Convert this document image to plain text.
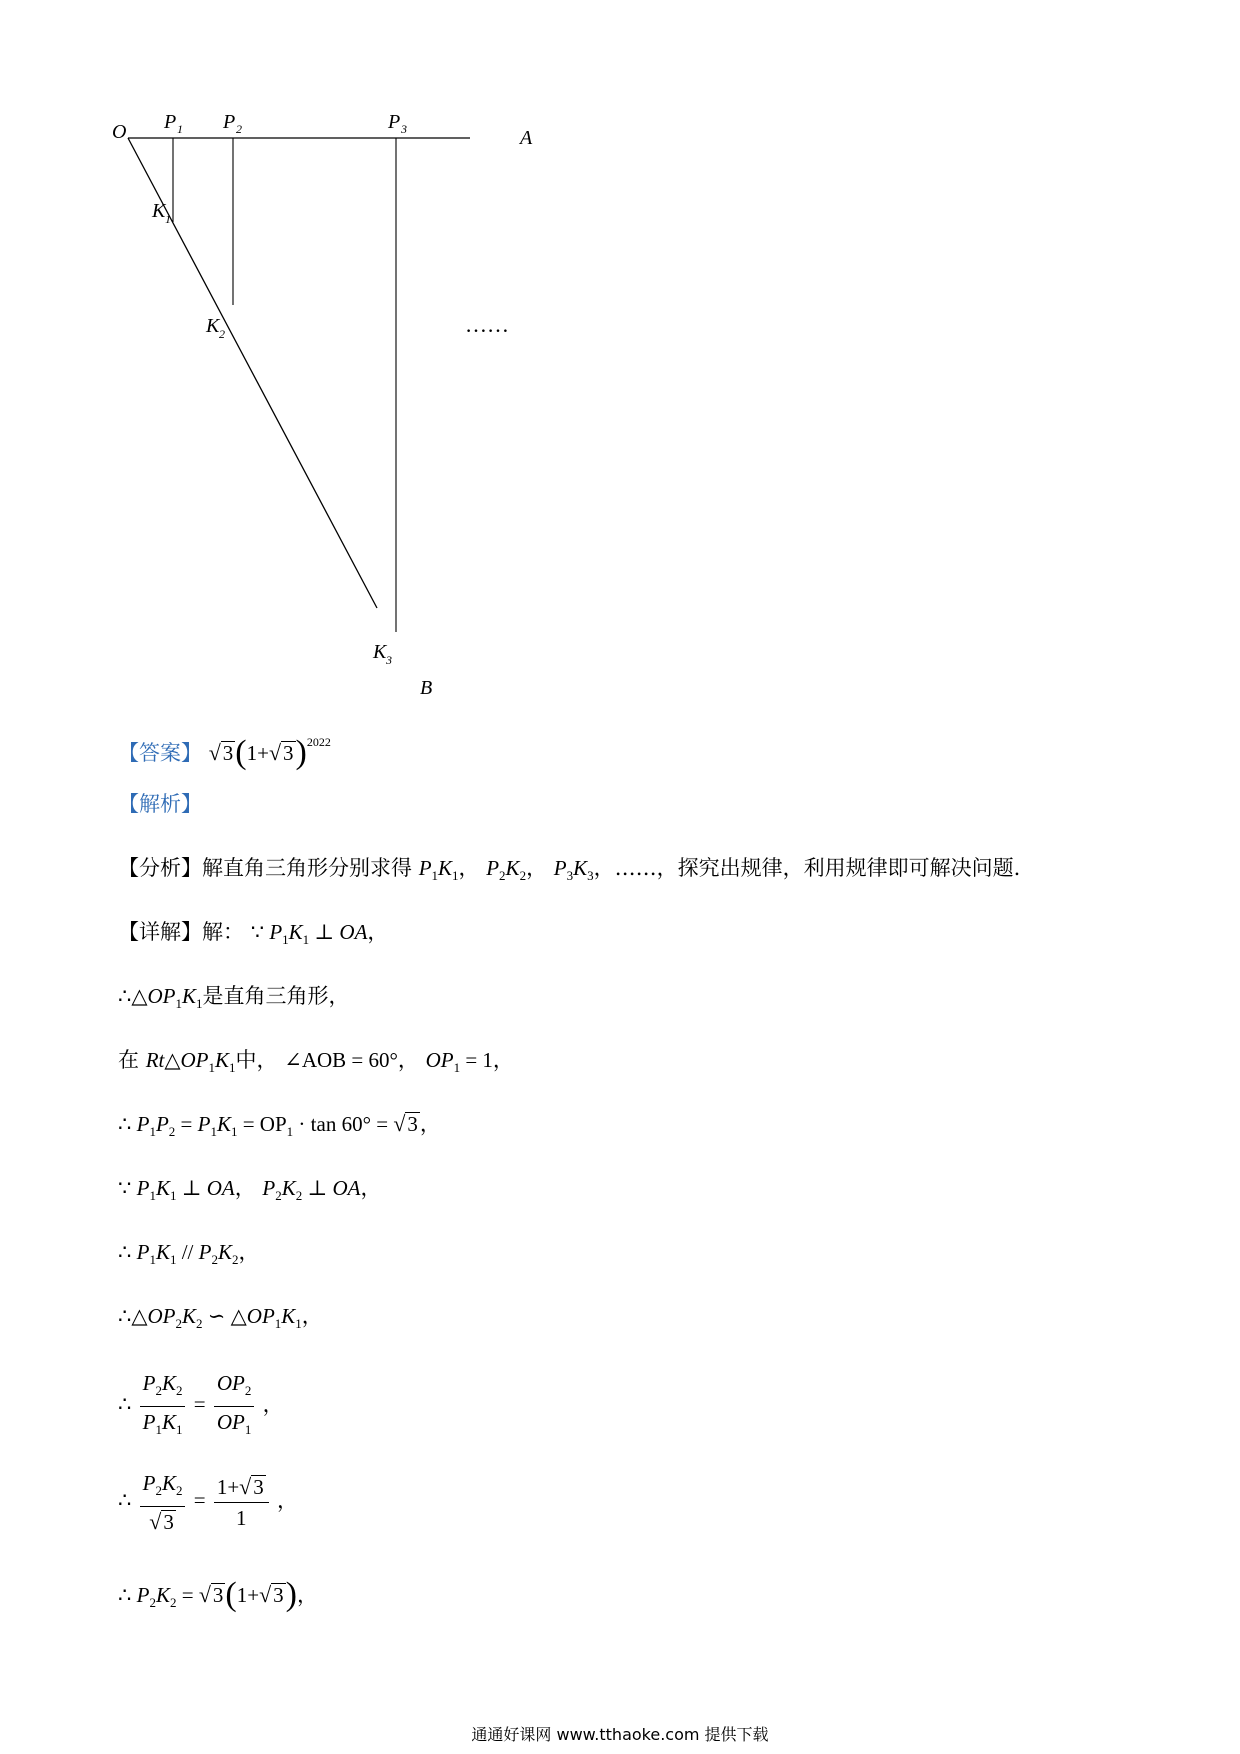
O	A
B
P 1 P 2	P 3
K 1
K 2
K 3
……
【答案】 $√3(1+√3)^{2022}$
【解析】
【分析】解直角三角形分别求得 $P_1K_1$， $P_2K_2$， $P_3K_3$，……，探究出规律，利用规律即可解决问题.
【详解】解： ∵ $P_1K_1$ ⊥ OA，
$\therefore\triangle OP_1K_1$是直角三角形，
在 $Rt\triangle OP_1K_1$中， ∠AOB = 60°， $OP_1 = 1$，
∴ $P_1P_2 = P_1K_1 = OP_1 \cdot \tan 60^\circ = √3$，
∵ $P_1K_1$ ⊥ OA， $P_2K_2$ ⊥ OA，
∴ $P_1K_1 // P_2K_2$，
$\therefore\triangle OP_2K_2$ ∽ $\triangle OP_1K_1$，
∴ $\frac{P_2K_2}{P_1K_1} = \frac{OP_2}{OP_1}$ ，
∴ $\frac{P_2K_2}{√3} = \frac{1+√3}{1}$ ，
∴ $P_2K_2 = √3(1+√3)$，
通通好课网 www.tthaoke.com 提供下载
